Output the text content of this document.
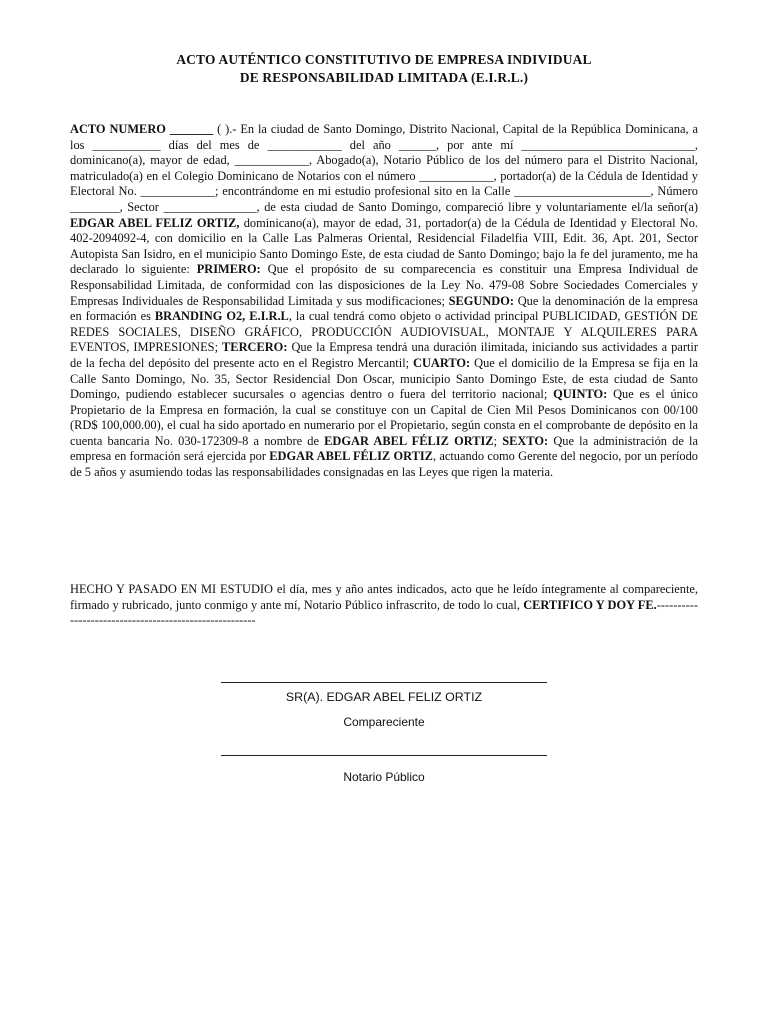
ACTO AUTÉNTICO CONSTITUTIVO DE EMPRESA INDIVIDUAL
DE RESPONSABILIDAD LIMITADA (E.I.R.L.)

ACTO NUMERO _______ ( ).- En la ciudad de Santo Domingo, Distrito Nacional, Capital de la República Dominicana, a los ___________ días del mes de ____________ del año ______, por ante mí ____________________________, dominicano(a), mayor de edad, ____________, Abogado(a), Notario Público de los del número para el Distrito Nacional, matriculado(a) en el Colegio Dominicano de Notarios con el número ____________, portador(a) de la Cédula de Identidad y Electoral No. ____________; encontrándome en mi estudio profesional sito en la Calle ______________________, Número ________, Sector _______________, de esta ciudad de Santo Domingo, compareció libre y voluntariamente el/la señor(a) EDGAR ABEL FELIZ ORTIZ, dominicano(a), mayor de edad, 31, portador(a) de la Cédula de Identidad y Electoral No. 402-2094092-4, con domicilio en la Calle Las Palmeras Oriental, Residencial Filadelfia VIII, Edit. 36, Apt. 201, Sector Autopista San Isidro, en el municipio Santo Domingo Este, de esta ciudad de Santo Domingo; bajo la fe del juramento, me ha declarado lo siguiente: PRIMERO: Que el propósito de su comparecencia es constituir una Empresa Individual de Responsabilidad Limitada, de conformidad con las disposiciones de la Ley No. 479-08 Sobre Sociedades Comerciales y Empresas Individuales de Responsabilidad Limitada y sus modificaciones; SEGUNDO: Que la denominación de la empresa en formación es BRANDING O2, E.I.R.L, la cual tendrá como objeto o actividad principal PUBLICIDAD, GESTIÓN DE REDES SOCIALES, DISEÑO GRÁFICO, PRODUCCIÓN AUDIOVISUAL, MONTAJE Y ALQUILERES PARA EVENTOS, IMPRESIONES; TERCERO: Que la Empresa tendrá una duración ilimitada, iniciando sus actividades a partir de la fecha del depósito del presente acto en el Registro Mercantil; CUARTO: Que el domicilio de la Empresa se fija en la Calle Santo Domingo, No. 35, Sector Residencial Don Oscar, municipio Santo Domingo Este, de esta ciudad de Santo Domingo, pudiendo establecer sucursales o agencias dentro o fuera del territorio nacional; QUINTO: Que es el único Propietario de la Empresa en formación, la cual se constituye con un Capital de Cien Mil Pesos Dominicanos con 00/100 (RD$ 100,000.00), el cual ha sido aportado en numerario por el Propietario, según consta en el comprobante de depósito en la cuenta bancaria No. 030-172309-8 a nombre de EDGAR ABEL FÉLIZ ORTIZ; SEXTO: Que la administración de la empresa en formación será ejercida por EDGAR ABEL FÉLIZ ORTIZ, actuando como Gerente del negocio, por un período de 5 años y asumiendo todas las responsabilidades consignadas en las Leyes que rigen la materia.

HECHO Y PASADO EN MI ESTUDIO el día, mes y año antes indicados, acto que he leído íntegramente al compareciente, firmado y rubricado, junto conmigo y ante mí, Notario Público infrascrito, de todo lo cual, CERTIFICO Y DOY FE.-------------------------------------------------------
SR(A). EDGAR ABEL FELIZ ORTIZ
Compareciente
Notario Público
